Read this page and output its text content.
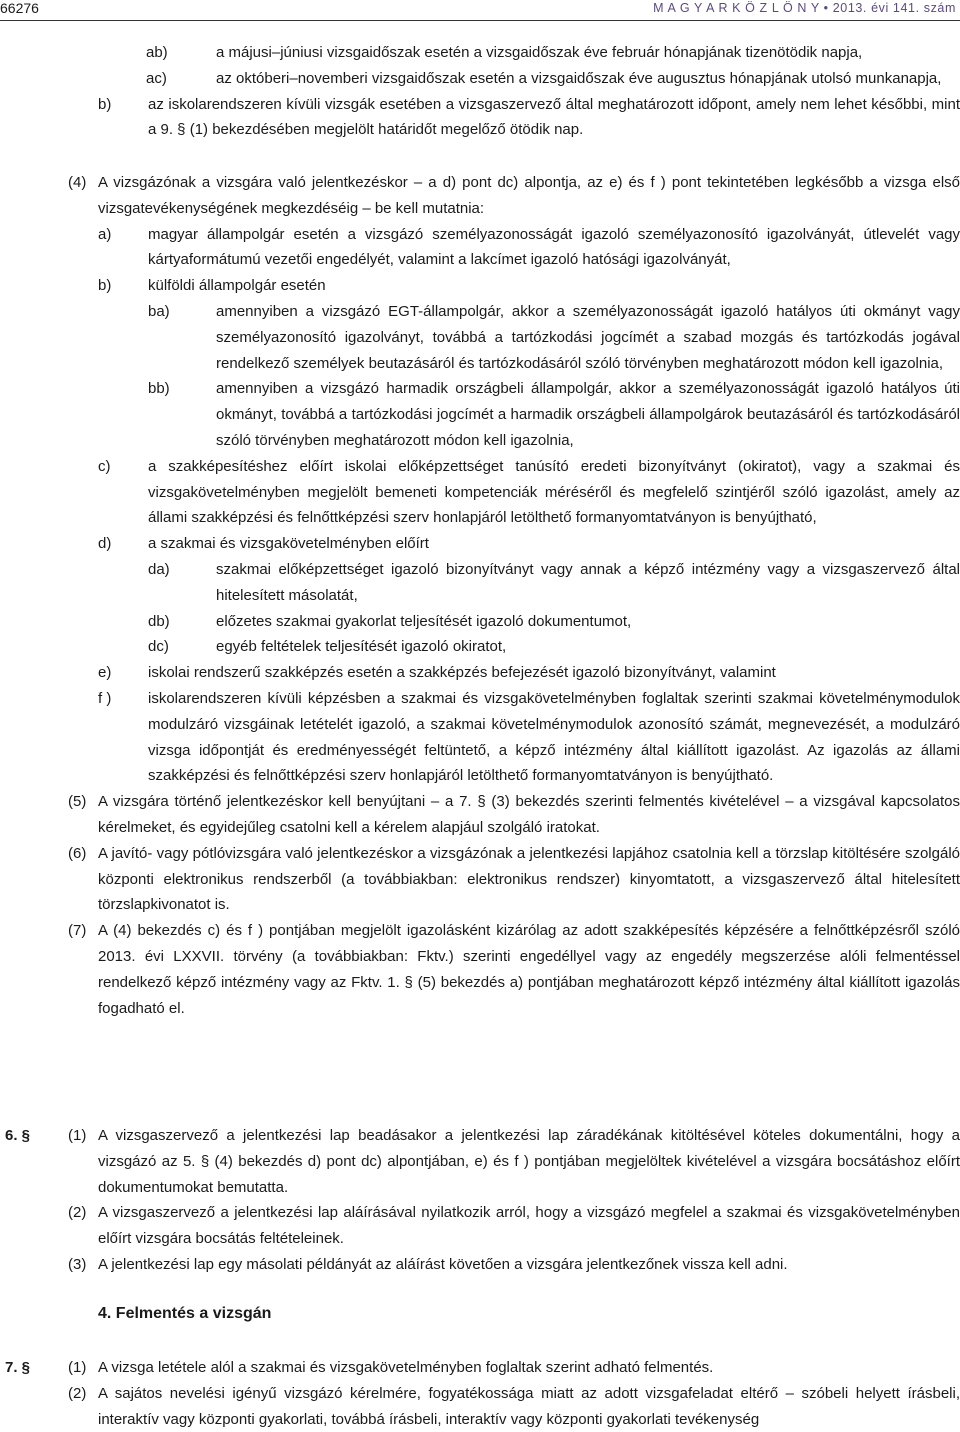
66276	M A G Y A R K Ö Z L Ö N Y • 2013. évi 141. szám
ab)	a májusi–júniusi vizsgaidőszak esetén a vizsgaidőszak éve február hónapjának tizenötödik napja,
ac)	az októberi–novemberi vizsgaidőszak esetén a vizsgaidőszak éve augusztus hónapjának utolsó munkanapja,
b) az iskolarendszeren kívüli vizsgák esetében a vizsgaszervező által meghatározott időpont, amely nem lehet későbbi, mint a 9. § (1) bekezdésében megjelölt határidőt megelőző ötödik nap.
(4) A vizsgázónak a vizsgára való jelentkezéskor – a d) pont dc) alpontja, az e) és f ) pont tekintetében legkésőbb a vizsga első vizsgatevékenységének megkezdéséig – be kell mutatnia:
a) magyar állampolgár esetén a vizsgázó személyazonosságát igazoló személyazonosító igazolványát, útlevelét vagy kártyaformátumú vezetői engedélyét, valamint a lakcímet igazoló hatósági igazolványát,
b) külföldi állampolgár esetén
ba)	amennyiben a vizsgázó EGT-állampolgár, akkor a személyazonosságát igazoló hatályos úti okmányt vagy személyazonosító igazolványt, továbbá a tartózkodási jogcímét a szabad mozgás és tartózkodás jogával rendelkező személyek beutazásáról és tartózkodásáról szóló törvényben meghatározott módon kell igazolnia,
bb)	amennyiben a vizsgázó harmadik országbeli állampolgár, akkor a személyazonosságát igazoló hatályos úti okmányt, továbbá a tartózkodási jogcímét a harmadik országbeli állampolgárok beutazásáról és tartózkodásáról szóló törvényben meghatározott módon kell igazolnia,
c)	a szakképesítéshez előírt iskolai előképzettséget tanúsító eredeti bizonyítványt (okiratot), vagy a szakmai és vizsgakövetelményben megjelölt bemeneti kompetenciák méréséről és megfelelő szintjéről szóló igazolást, amely az állami szakképzési és felnőttképzési szerv honlapjáról letölthető formanyomtatványon is benyújtható,
d) a szakmai és vizsgakövetelményben előírt
da)	szakmai előképzettséget igazoló bizonyítványt vagy annak a képző intézmény vagy a vizsgaszervező által hitelesített másolatát,
db)	előzetes szakmai gyakorlat teljesítését igazoló dokumentumot,
dc)	egyéb feltételek teljesítését igazoló okiratot,
e) iskolai rendszerű szakképzés esetén a szakképzés befejezését igazoló bizonyítványt, valamint
f ) iskolarendszeren kívüli képzésben a szakmai és vizsgakövetelményben foglaltak szerinti szakmai követelménymodulok modulzáró vizsgáinak letételét igazoló, a szakmai követelménymodulok azonosító számát, megnevezését, a modulzáró vizsga időpontját és eredményességét feltüntető, a képző intézmény által kiállított igazolást. Az igazolás az állami szakképzési és felnőttképzési szerv honlapjáról letölthető formanyomtatványon is benyújtható.
(5) A vizsgára történő jelentkezéskor kell benyújtani – a 7. § (3) bekezdés szerinti felmentés kivételével – a vizsgával kapcsolatos kérelmeket, és egyidejűleg csatolni kell a kérelem alapjául szolgáló iratokat.
(6) A javító- vagy pótlóvizsgára való jelentkezéskor a vizsgázónak a jelentkezési lapjához csatolnia kell a törzslap kitöltésére szolgáló központi elektronikus rendszerből (a továbbiakban: elektronikus rendszer) kinyomtatott, a vizsgaszervező által hitelesített törzslapkivonatot is.
(7) A (4) bekezdés c) és f ) pontjában megjelölt igazolásként kizárólag az adott szakképesítés képzésére a felnőttképzésről szóló 2013. évi LXXVII. törvény (a továbbiakban: Fktv.) szerinti engedéllyel vagy az engedély megszerzése alóli felmentéssel rendelkező képző intézmény vagy az Fktv. 1. § (5) bekezdés a) pontjában meghatározott képző intézmény által kiállított igazolás fogadható el.
6. §	(1) A vizsgaszervező a jelentkezési lap beadásakor a jelentkezési lap záradékának kitöltésével köteles dokumentálni, hogy a vizsgázó az 5. § (4) bekezdés d) pont dc) alpontjában, e) és f ) pontjában megjelöltek kivételével a vizsgára bocsátáshoz előírt dokumentumokat bemutatta.
(2) A vizsgaszervező a jelentkezési lap aláírásával nyilatkozik arról, hogy a vizsgázó megfelel a szakmai és vizsgakövetelményben előírt vizsgára bocsátás feltételeinek.
(3) A jelentkezési lap egy másolati példányát az aláírást követően a vizsgára jelentkezőnek vissza kell adni.
4. Felmentés a vizsgán
7. §	(1) A vizsga letétele alól a szakmai és vizsgakövetelményben foglaltak szerint adható felmentés.
(2) A sajátos nevelési igényű vizsgázó kérelmére, fogyatékossága miatt az adott vizsgafeladat eltérő – szóbeli helyett írásbeli, interaktív vagy központi gyakorlati, továbbá írásbeli, interaktív vagy központi gyakorlati tevékenység
